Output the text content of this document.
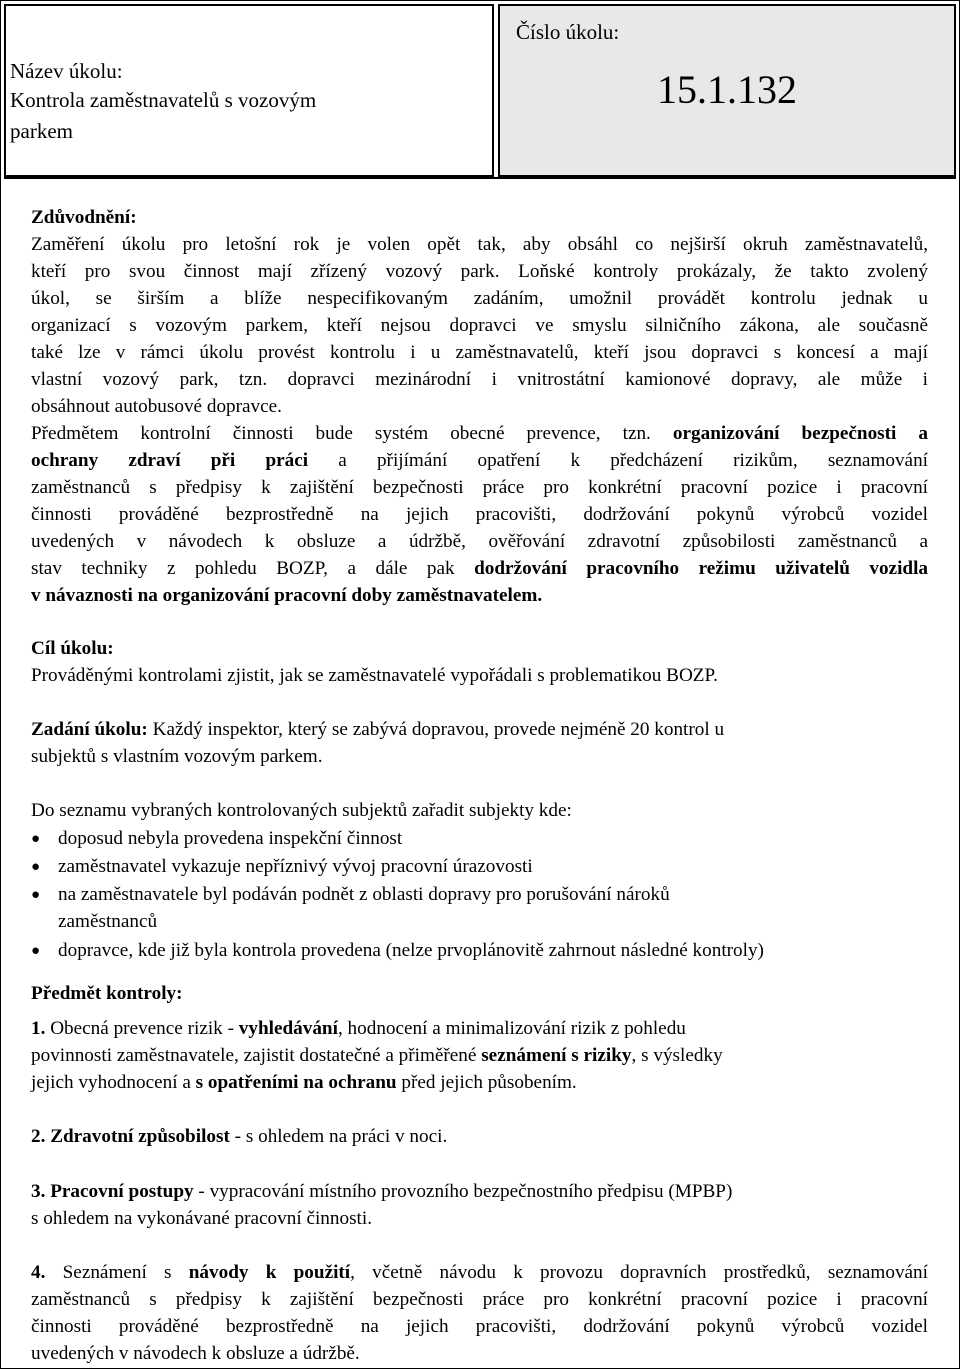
Název úkolu:
Kontrola zaměstnavatelů s vozovým
parkem
Číslo úkolu:
15.1.132
Zdůvodnění:
Zaměření úkolu pro letošní rok je volen opět tak, aby obsáhl co nejširší okruh zaměstnavatelů,
kteří pro svou činnost mají zřízený vozový park. Loňské kontroly prokázaly, že takto zvolený
úkol, se širším a blíže nespecifikovaným zadáním, umožnil provádět kontrolu jednak u
organizací s vozovým parkem, kteří nejsou dopravci ve smyslu silničního zákona, ale současně
také lze v rámci úkolu provést kontrolu i u zaměstnavatelů, kteří jsou dopravci s koncesí a mají
vlastní vozový park, tzn. dopravci mezinárodní i vnitrostátní kamionové dopravy, ale může i
obsáhnout autobusové dopravce.
Předmětem kontrolní činnosti bude systém obecné prevence, tzn. organizování bezpečnosti a
ochrany zdraví při práci a přijímání opatření k předcházení rizikům, seznamování
zaměstnanců s předpisy k zajištění bezpečnosti práce pro konkrétní pracovní pozice i pracovní
činnosti prováděné bezprostředně na jejich pracovišti, dodržování pokynů výrobců vozidel
uvedených v návodech k obsluze a údržbě, ověřování zdravotní způsobilosti zaměstnanců a
stav techniky z pohledu BOZP, a dále pak dodržování pracovního režimu uživatelů vozidla
v návaznosti na organizování pracovní doby zaměstnavatelem.
Cíl úkolu:
Prováděnými kontrolami zjistit, jak se zaměstnavatelé vypořádali s problematikou BOZP.
Zadání úkolu: Každý inspektor, který se zabývá dopravou, provede nejméně 20 kontrol u
subjektů s vlastním vozovým parkem.
Do seznamu vybraných kontrolovaných subjektů zařadit subjekty kde:
● doposud nebyla provedena inspekční činnost
● zaměstnavatel vykazuje nepříznivý vývoj pracovní úrazovosti
● na zaměstnavatele byl podáván podnět z oblasti dopravy pro porušování nároků
zaměstnanců
● dopravce, kde již byla kontrola provedena (nelze prvoplánovitě zahrnout následné kontroly)
Předmět kontroly:
1. Obecná prevence rizik - vyhledávání, hodnocení a minimalizování rizik z pohledu
povinnosti zaměstnavatele, zajistit dostatečné a přiměřené seznámení s riziky, s výsledky
jejich vyhodnocení a s opatřeními na ochranu před jejich působením.
2. Zdravotní způsobilost - s ohledem na práci v noci.
3. Pracovní postupy - vypracování místního provozního bezpečnostního předpisu (MPBP)
s ohledem na vykonávané pracovní činnosti.
4. Seznámení s návody k použití, včetně návodu k provozu dopravních prostředků, seznamování
zaměstnanců s předpisy k zajištění bezpečnosti práce pro konkrétní pracovní pozice i pracovní
činnosti prováděné bezprostředně na jejich pracovišti, dodržování pokynů výrobců vozidel
uvedených v návodech k obsluze a údržbě.
